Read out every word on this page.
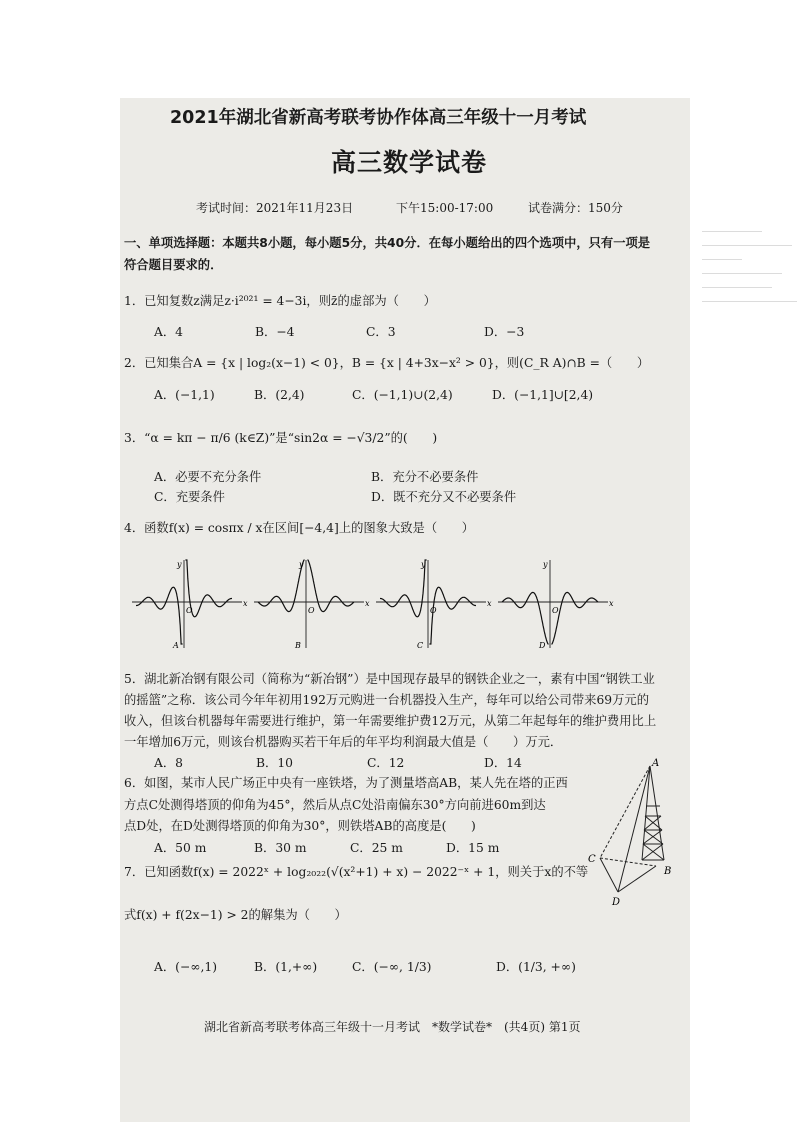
2021年湖北省新高考联考协作体高三年级十一月考试
高三数学试卷
考试时间：2021年11月23日	下午15:00-17:00	试卷满分：150分
一、单项选择题：本题共8小题，每小题5分，共40分．在每小题给出的四个选项中，只有一项是
符合题目要求的．
1．已知复数z满足z·i²⁰²¹ = 4−3i，则z̄的虚部为（　　）
A．4	B．−4	C．3	D．−3
2．已知集合A = {x | log₂(x−1) < 0}，B = {x | 4+3x−x² > 0}，则(C_R A)∩B =（　　）
A．(−1,1)	B．(2,4)	C．(−1,1)∪(2,4)	D．(−1,1]∪[2,4)
3．“α = kπ − π/6 (k∈Z)”是“sin2α = −√3/2”的(　　)
A．必要不充分条件	B．充分不必要条件
C．充要条件	D．既不充分又不必要条件
4．函数f(x) = cosπx / x在区间[−4,4]上的图象大致是（　　）
x
y
O
A
x
y
O
B
x
y
O
C
x
y
O
D
5．湖北新冶钢有限公司（简称为“新冶钢”）是中国现存最早的钢铁企业之一，素有中国“钢铁工业
的摇篮”之称．该公司今年年初用192万元购进一台机器投入生产，每年可以给公司带来69万元的
收入，但该台机器每年需要进行维护，第一年需要维护费12万元，从第二年起每年的维护费用比上
一年增加6万元，则该台机器购买若干年后的年平均利润最大值是（　　）万元．
A．8	B．10	C．12	D．14
6．如图，某市人民广场正中央有一座铁塔，为了测量塔高AB，某人先在塔的正西
方点C处测得塔顶的仰角为45°，然后从点C处沿南偏东30°方向前进60m到达
点D处，在D处测得塔顶的仰角为30°，则铁塔AB的高度是(　　)
A．50 m	B．30 m	C．25 m	D．15 m
A
B
C
D
7．已知函数f(x) = 2022ˣ + log₂₀₂₂(√(x²+1) + x) − 2022⁻ˣ + 1，则关于x的不等
式f(x) + f(2x−1) > 2的解集为（　　）
A．(−∞,1)	B．(1,+∞)	C．(−∞, 1/3)	D．(1/3, +∞)
湖北省新高考联考体高三年级十一月考试　*数学试卷*　(共4页) 第1页
